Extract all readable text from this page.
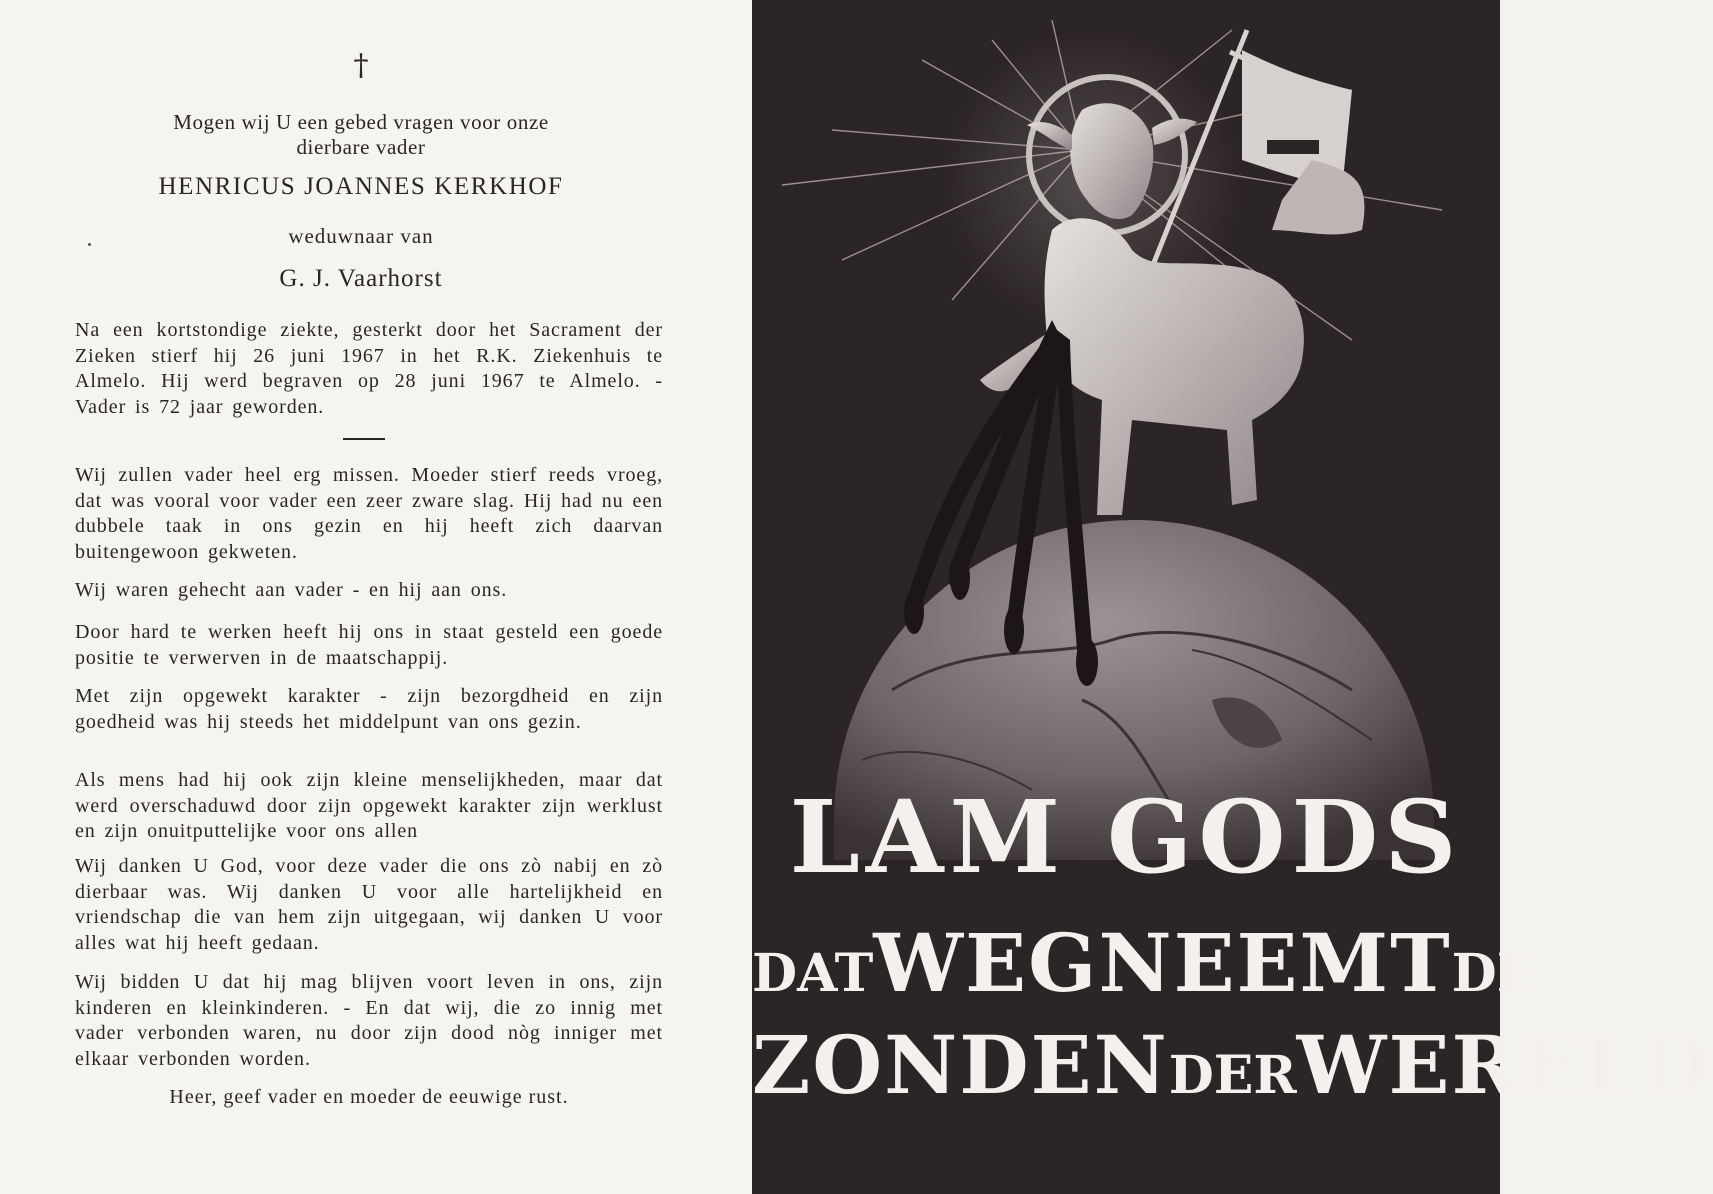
†
Mogen wij U een gebed vragen voor onze
dierbare vader
HENRICUS JOANNES KERKHOF
weduwnaar van
G. J. Vaarhorst
Na een kortstondige ziekte, gesterkt door het Sacrament der Zieken stierf hij 26 juni 1967 in het R.K. Ziekenhuis te Almelo. Hij werd begraven op 28 juni 1967 te Almelo. - Vader is 72 jaar geworden.
Wij zullen vader heel erg missen. Moeder stierf reeds vroeg, dat was vooral voor vader een zeer zware slag. Hij had nu een dubbele taak in ons gezin en hij heeft zich daarvan buitengewoon gekweten.
Wij waren gehecht aan vader - en hij aan ons.
Door hard te werken heeft hij ons in staat gesteld een goede positie te verwerven in de maatschappij.
Met zijn opgewekt karakter - zijn bezorgdheid en zijn goedheid was hij steeds het middelpunt van ons gezin.
Als mens had hij ook zijn kleine menselijkheden, maar dat werd overschaduwd door zijn opgewekt karakter zijn werklust en zijn onuitputtelijke voor ons allen
Wij danken U God, voor deze vader die ons zò nabij en zò dierbaar was. Wij danken U voor alle hartelijkheid en vriendschap die van hem zijn uitgegaan, wij danken U voor alles wat hij heeft gedaan.
Wij bidden U dat hij mag blijven voort leven in ons, zijn kinderen en kleinkinderen. - En dat wij, die zo innig met vader verbonden waren, nu door zijn dood nòg inniger met elkaar verbonden worden.
Heer, geef vader en moeder de eeuwige rust.
LAM GODS
DATWEGNEEMTDE
ZONDENDERWERELD
